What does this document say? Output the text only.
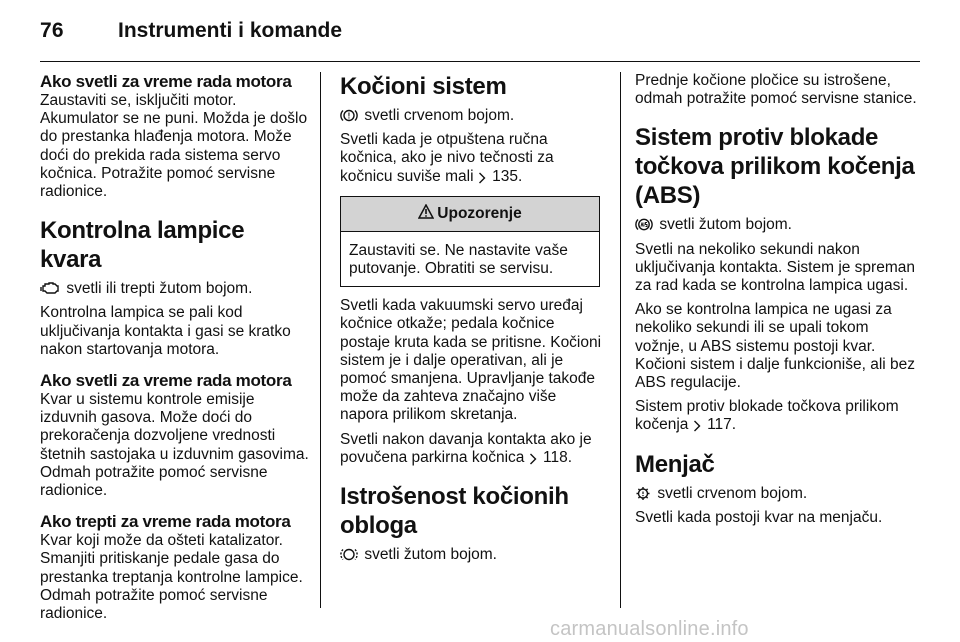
76	Instrumenti i komande
Ako svetli za vreme rada motora

Zaustaviti se, isključiti motor. Akumulator se ne puni. Možda je došlo do prestanka hlađenja motora. Može doći do prekida rada sistema servo kočnica. Potražite pomoć servisne radionice.

Kontrolna lampice kvara

svetli ili trepti žutom bojom.

Kontrolna lampica se pali kod uključivanja kontakta i gasi se kratko nakon startovanja motora.

Ako svetli za vreme rada motora

Kvar u sistemu kontrole emisije izduvnih gasova. Može doći do prekoračenja dozvoljene vrednosti štetnih sastojaka u izduvnim gasovima. Odmah potražite pomoć servisne radionice.

Ako trepti za vreme rada motora

Kvar koji može da ošteti katalizator. Smanjiti pritiskanje pedale gasa do prestanka treptanja kontrolne lampice. Odmah potražite pomoć servisne radionice.

Kočioni sistem

! svetli crvenom bojom.

Svetli kada je otpuštena ručna kočnica, ako je nivo tečnosti za kočnicu suviše mali 135.

Upozorenje

Zaustaviti se. Ne nastavite vaše putovanje. Obratiti se servisu.

Svetli kada vakuumski servo uređaj kočnice otkaže; pedala kočnice postaje kruta kada se pritisne. Kočioni sistem je i dalje operativan, ali je pomoć smanjena. Upravljanje takođe može da zahteva značajno više napora prilikom skretanja.

Svetli nakon davanja kontakta ako je povučena parkirna kočnica 118.

Istrošenost kočionih obloga

svetli žutom bojom.

Prednje kočione pločice su istrošene, odmah potražite pomoć servisne stanice.

Sistem protiv blokade točkova prilikom kočenja (ABS)

svetli žutom bojom.

Svetli na nekoliko sekundi nakon uključivanja kontakta. Sistem je spreman za rad kada se kontrolna lampica ugasi.

Ako se kontrolna lampica ne ugasi za nekoliko sekundi ili se upali tokom vožnje, u ABS sistemu postoji kvar. Kočioni sistem i dalje funkcioniše, ali bez ABS regulacije.

Sistem protiv blokade točkova prilikom kočenja 117.

Menjač

svetli crvenom bojom.

Svetli kada postoji kvar na menjaču.

carmanualsonline.info
